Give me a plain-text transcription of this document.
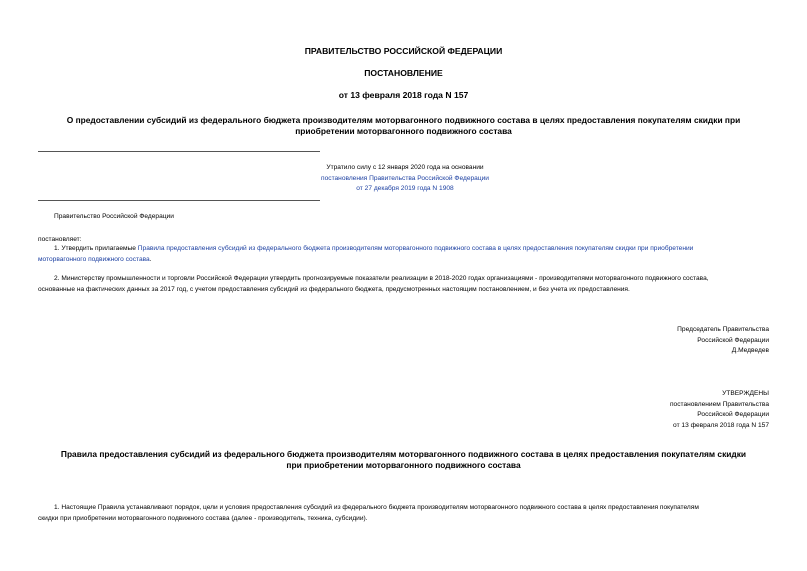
ПРАВИТЕЛЬСТВО РОССИЙСКОЙ ФЕДЕРАЦИИ
ПОСТАНОВЛЕНИЕ
от 13 февраля 2018 года N 157
О предоставлении субсидий из федерального бюджета производителям моторвагонного подвижного состава в целях предоставления покупателям скидки при
приобретении моторвагонного подвижного состава
Утратило силу с 12 января 2020 года на основании
постановления Правительства Российской Федерации
от 27 декабря 2019 года N 1908
Правительство Российской Федерации
постановляет:
1. Утвердить прилагаемые Правила предоставления субсидий из федерального бюджета производителям моторвагонного подвижного состава в целях предоставления покупателям скидки при приобретении
моторвагонного подвижного состава.
2. Министерству промышленности и торговли Российской Федерации утвердить прогнозируемые показатели реализации в 2018-2020 годах организациями - производителями моторвагонного подвижного состава,
основанные на фактических данных за 2017 год, с учетом предоставления субсидий из федерального бюджета, предусмотренных настоящим постановлением, и без учета их предоставления.
Председатель Правительства
Российской Федерации
Д.Медведев
УТВЕРЖДЕНЫ
постановлением Правительства
Российской Федерации
от 13 февраля 2018 года N 157
Правила предоставления субсидий из федерального бюджета производителям моторвагонного подвижного состава в целях предоставления покупателям скидки
при приобретении моторвагонного подвижного состава
1. Настоящие Правила устанавливают порядок, цели и условия предоставления субсидий из федерального бюджета производителям моторвагонного подвижного состава в целях предоставления покупателям
скидки при приобретении моторвагонного подвижного состава (далее - производитель, техника, субсидии).
